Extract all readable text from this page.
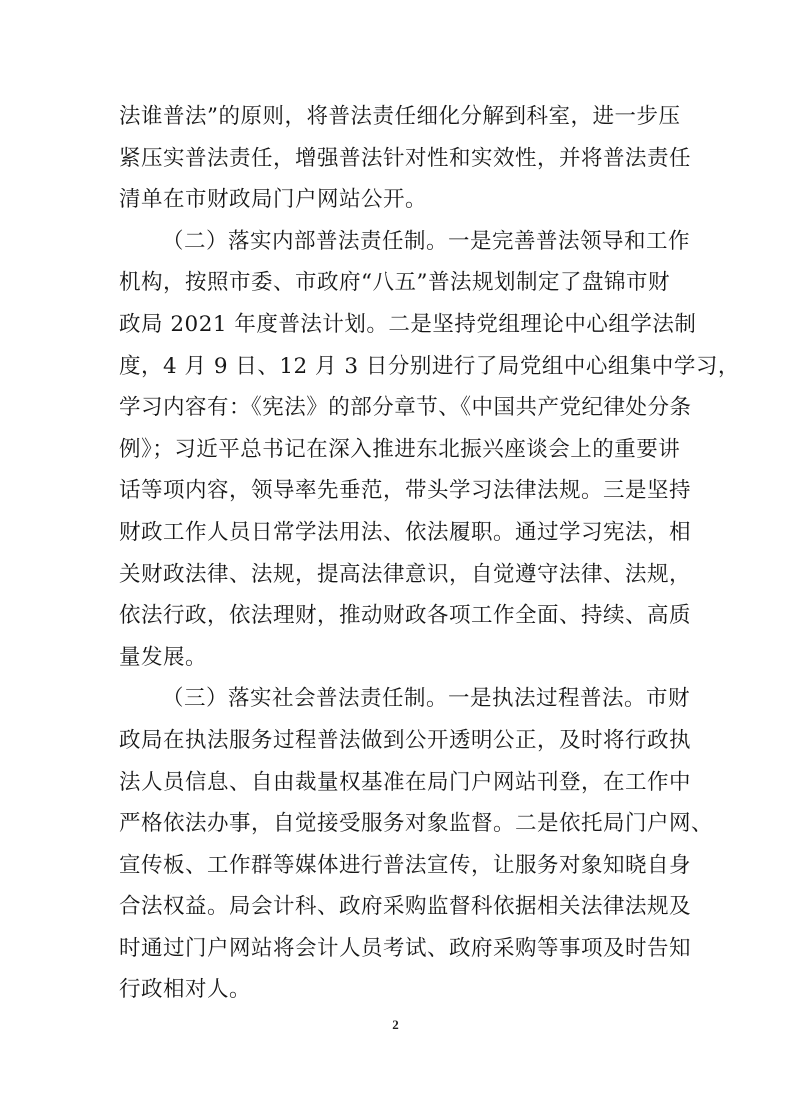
法谁普法”的原则，将普法责任细化分解到科室，进一步压
紧压实普法责任，增强普法针对性和实效性，并将普法责任
清单在市财政局门户网站公开。
（二）落实内部普法责任制。一是完善普法领导和工作
机构，按照市委、市政府“八五”普法规划制定了盘锦市财
政局 2021 年度普法计划。二是坚持党组理论中心组学法制
度，4 月 9 日、12 月 3 日分别进行了局党组中心组集中学习，
学习内容有：《宪法》的部分章节、《中国共产党纪律处分条
例》；习近平总书记在深入推进东北振兴座谈会上的重要讲
话等项内容，领导率先垂范，带头学习法律法规。三是坚持
财政工作人员日常学法用法、依法履职。通过学习宪法，相
关财政法律、法规，提高法律意识，自觉遵守法律、法规，
依法行政，依法理财，推动财政各项工作全面、持续、高质
量发展。
（三）落实社会普法责任制。一是执法过程普法。市财
政局在执法服务过程普法做到公开透明公正，及时将行政执
法人员信息、自由裁量权基准在局门户网站刊登，在工作中
严格依法办事，自觉接受服务对象监督。二是依托局门户网、
宣传板、工作群等媒体进行普法宣传，让服务对象知晓自身
合法权益。局会计科、政府采购监督科依据相关法律法规及
时通过门户网站将会计人员考试、政府采购等事项及时告知
行政相对人。
2
